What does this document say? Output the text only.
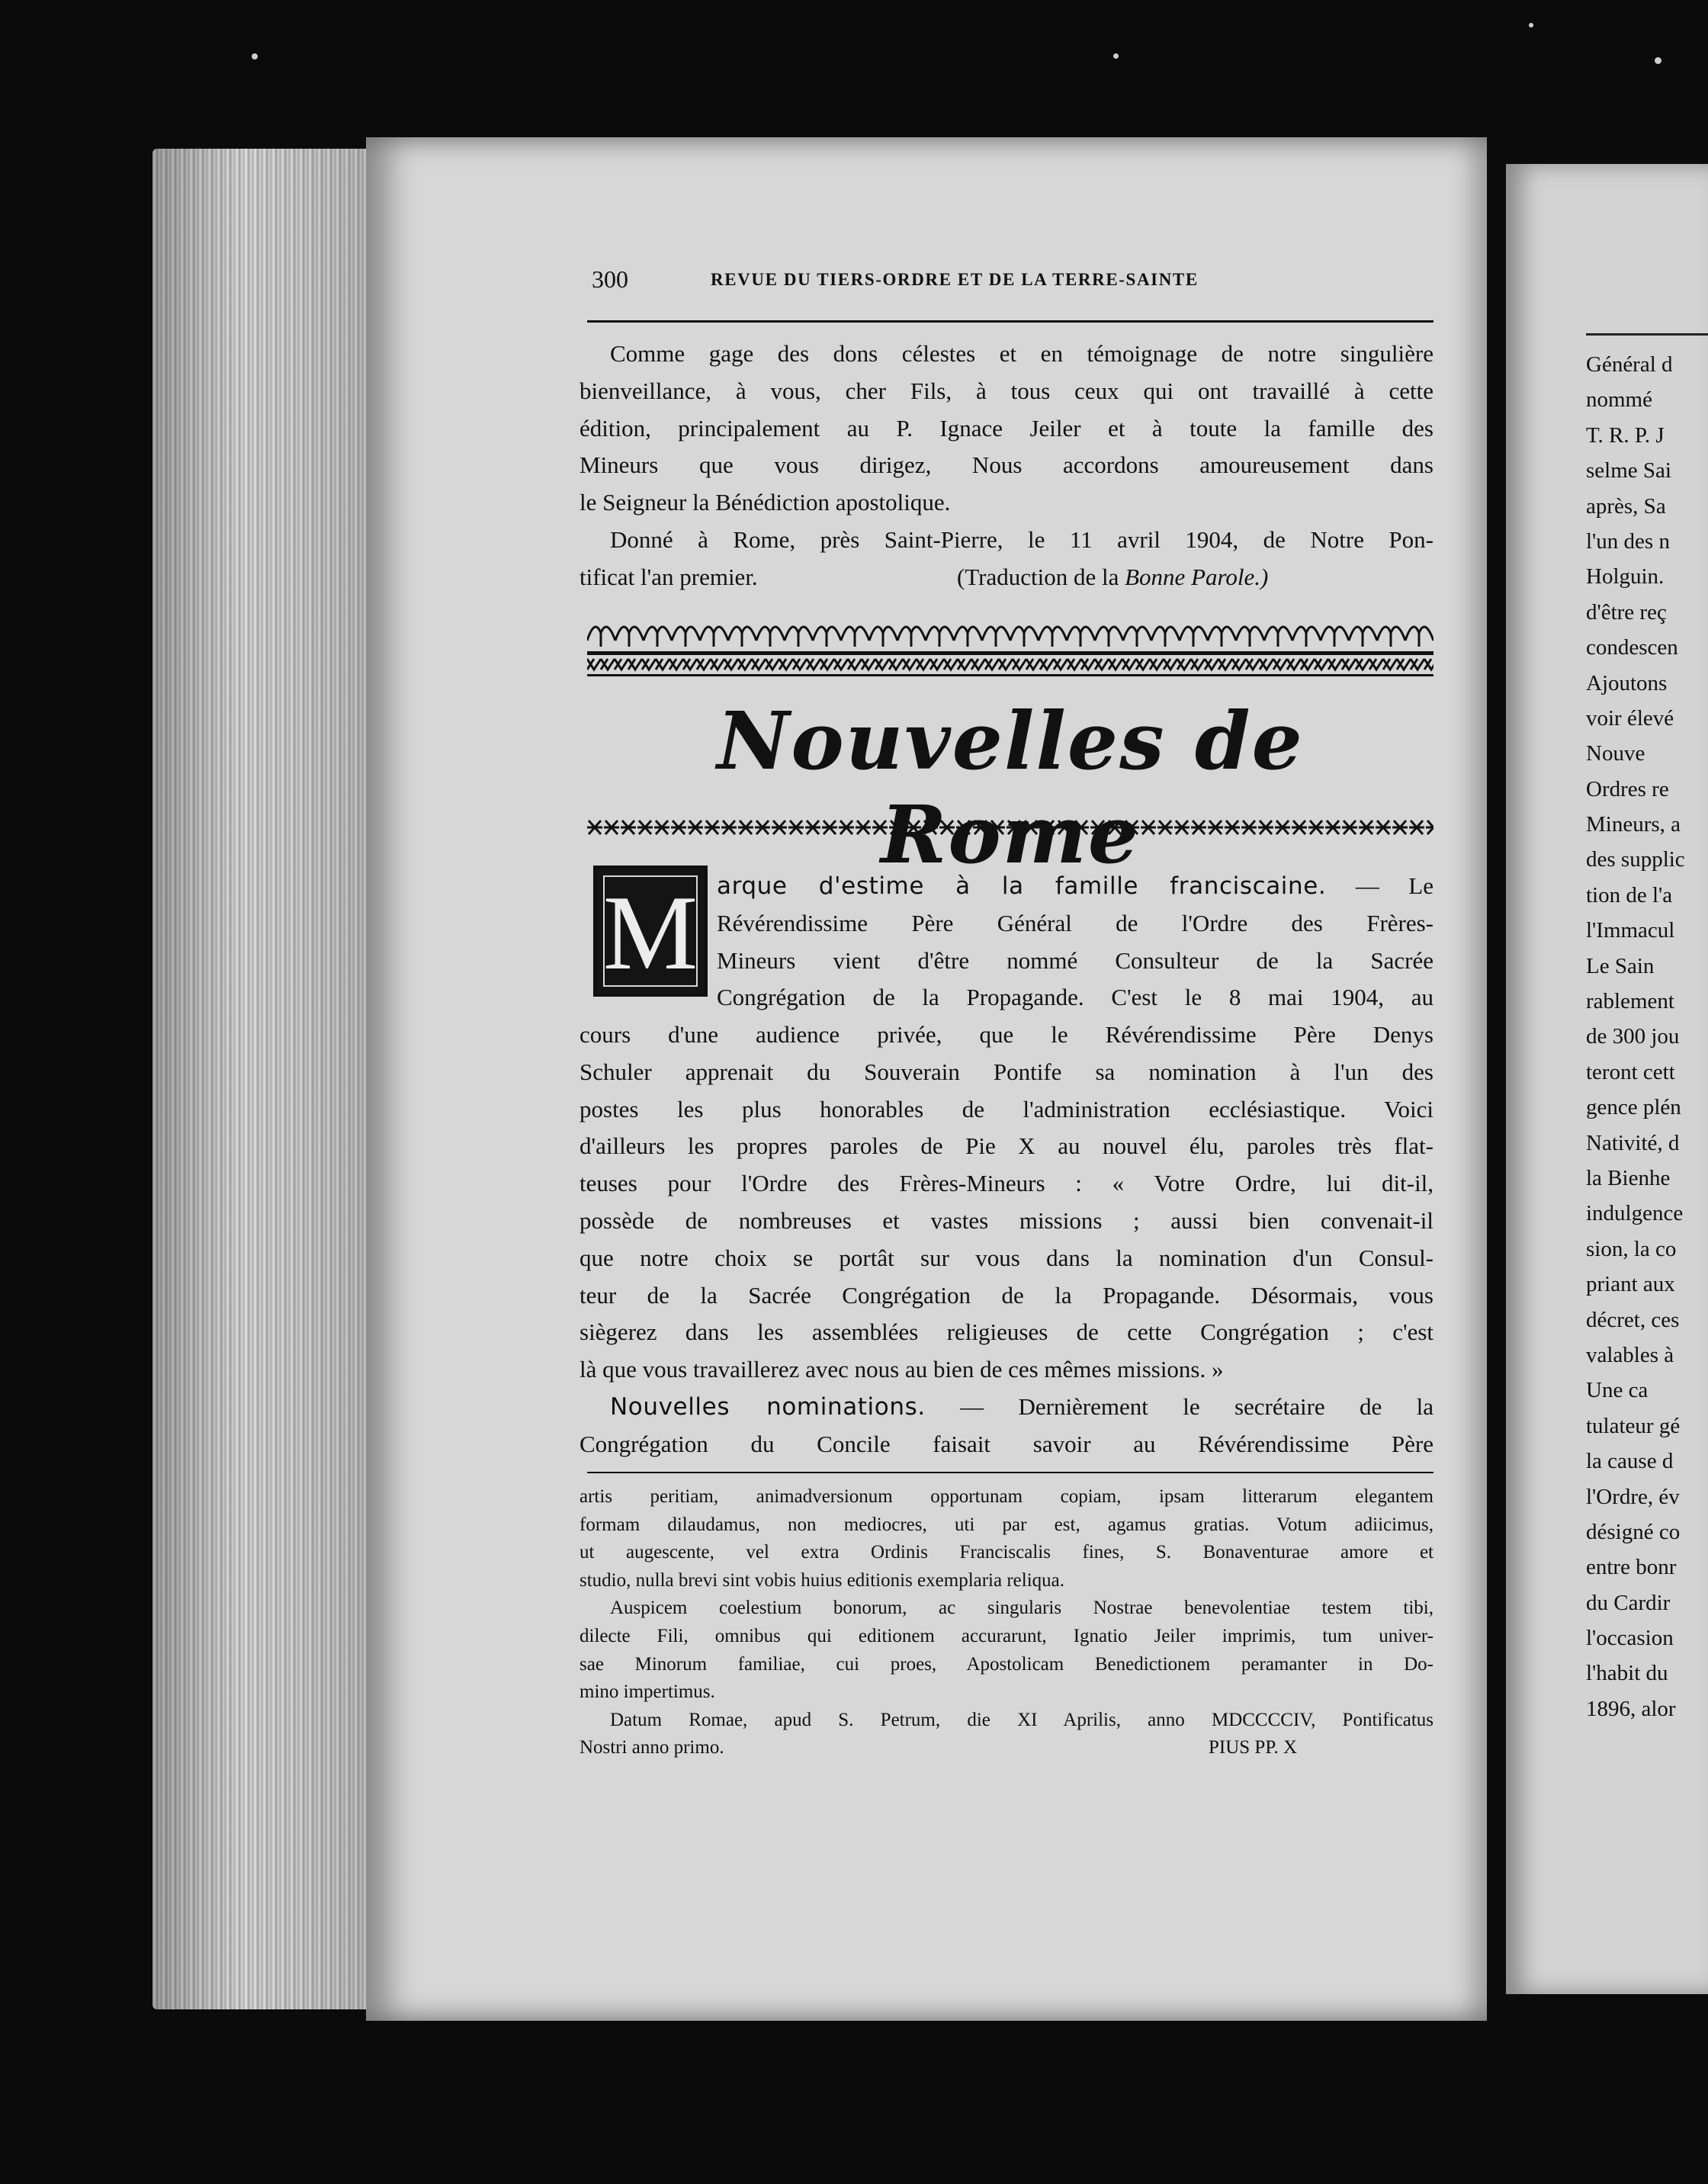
Général d
nommé
T. R. P. J
selme Sai
après, Sa
l'un des n
Holguin.
d'être reç
condescen
Ajoutons
voir élevé
Nouve
Ordres re
Mineurs, a
des supplic
tion de l'a
l'Immacul
Le Sain
rablement
de 300 jou
teront cett
gence plén
Nativité, d
la Bienhe
indulgence
sion, la co
priant aux
décret, ces
valables à
Une ca
tulateur gé
la cause d
l'Ordre, év
désigné co
entre bonr
du Cardir
l'occasion
l'habit du
1896, alor
300	REVUE DU TIERS-ORDRE ET DE LA TERRE-SAINTE

Comme gage des dons célestes et en témoignage de notre singulière

bienveillance, à vous, cher Fils, à tous ceux qui ont travaillé à cette

édition, principalement au P. Ignace Jeiler et à toute la famille des

Mineurs que vous dirigez, Nous accordons amoureusement dans

le Seigneur la Bénédiction apostolique.

Donné à Rome, près Saint-Pierre, le 11 avril 1904, de Notre Pon-

tificat l'an premier.	(Traduction de la Bonne Parole.)

Nouvelles de Rome
M arque d'estime à la famille franciscaine. — Le

Révérendissime Père Général de l'Ordre des Frères-

Mineurs vient d'être nommé Consulteur de la Sacrée

Congrégation de la Propagande. C'est le 8 mai 1904, au

cours d'une audience privée, que le Révérendissime Père Denys

Schuler apprenait du Souverain Pontife sa nomination à l'un des

postes les plus honorables de l'administration ecclésiastique. Voici

d'ailleurs les propres paroles de Pie X au nouvel élu, paroles très flat-

teuses pour l'Ordre des Frères-Mineurs : « Votre Ordre, lui dit-il,

possède de nombreuses et vastes missions ; aussi bien convenait-il

que notre choix se portât sur vous dans la nomination d'un Consul-

teur de la Sacrée Congrégation de la Propagande. Désormais, vous

siègerez dans les assemblées religieuses de cette Congrégation ; c'est

là que vous travaillerez avec nous au bien de ces mêmes missions. »

Nouvelles nominations. — Dernièrement le secrétaire de la

Congrégation du Concile faisait savoir au Révérendissime Père

artis peritiam, animadversionum opportunam copiam, ipsam litterarum elegantem

formam dilaudamus, non mediocres, uti par est, agamus gratias. Votum adiicimus,

ut augescente, vel extra Ordinis Franciscalis fines, S. Bonaventurae amore et

studio, nulla brevi sint vobis huius editionis exemplaria reliqua.

Auspicem coelestium bonorum, ac singularis Nostrae benevolentiae testem tibi,

dilecte Fili, omnibus qui editionem accurarunt, Ignatio Jeiler imprimis, tum univer-

sae Minorum familiae, cui proes, Apostolicam Benedictionem peramanter in Do-

mino impertimus.

Datum Romae, apud S. Petrum, die XI Aprilis, anno MDCCCCIV, Pontificatus

Nostri anno primo.	PIUS PP. X
